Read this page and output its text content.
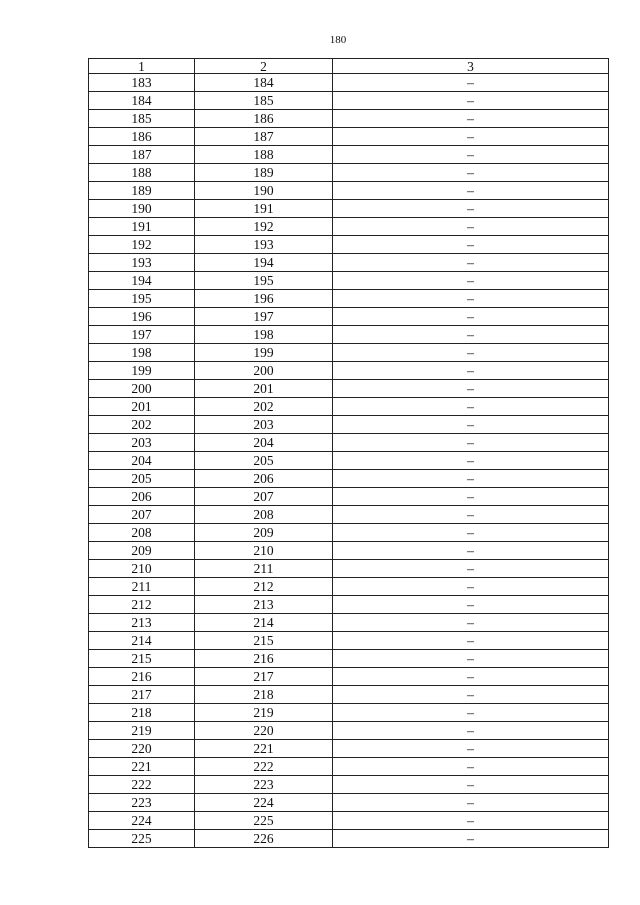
180
1	2	3
183	184	–
184	185	–
185	186	–
186	187	–
187	188	–
188	189	–
189	190	–
190	191	–
191	192	–
192	193	–
193	194	–
194	195	–
195	196	–
196	197	–
197	198	–
198	199	–
199	200	–
200	201	–
201	202	–
202	203	–
203	204	–
204	205	–
205	206	–
206	207	–
207	208	–
208	209	–
209	210	–
210	211	–
211	212	–
212	213	–
213	214	–
214	215	–
215	216	–
216	217	–
217	218	–
218	219	–
219	220	–
220	221	–
221	222	–
222	223	–
223	224	–
224	225	–
225	226	–
